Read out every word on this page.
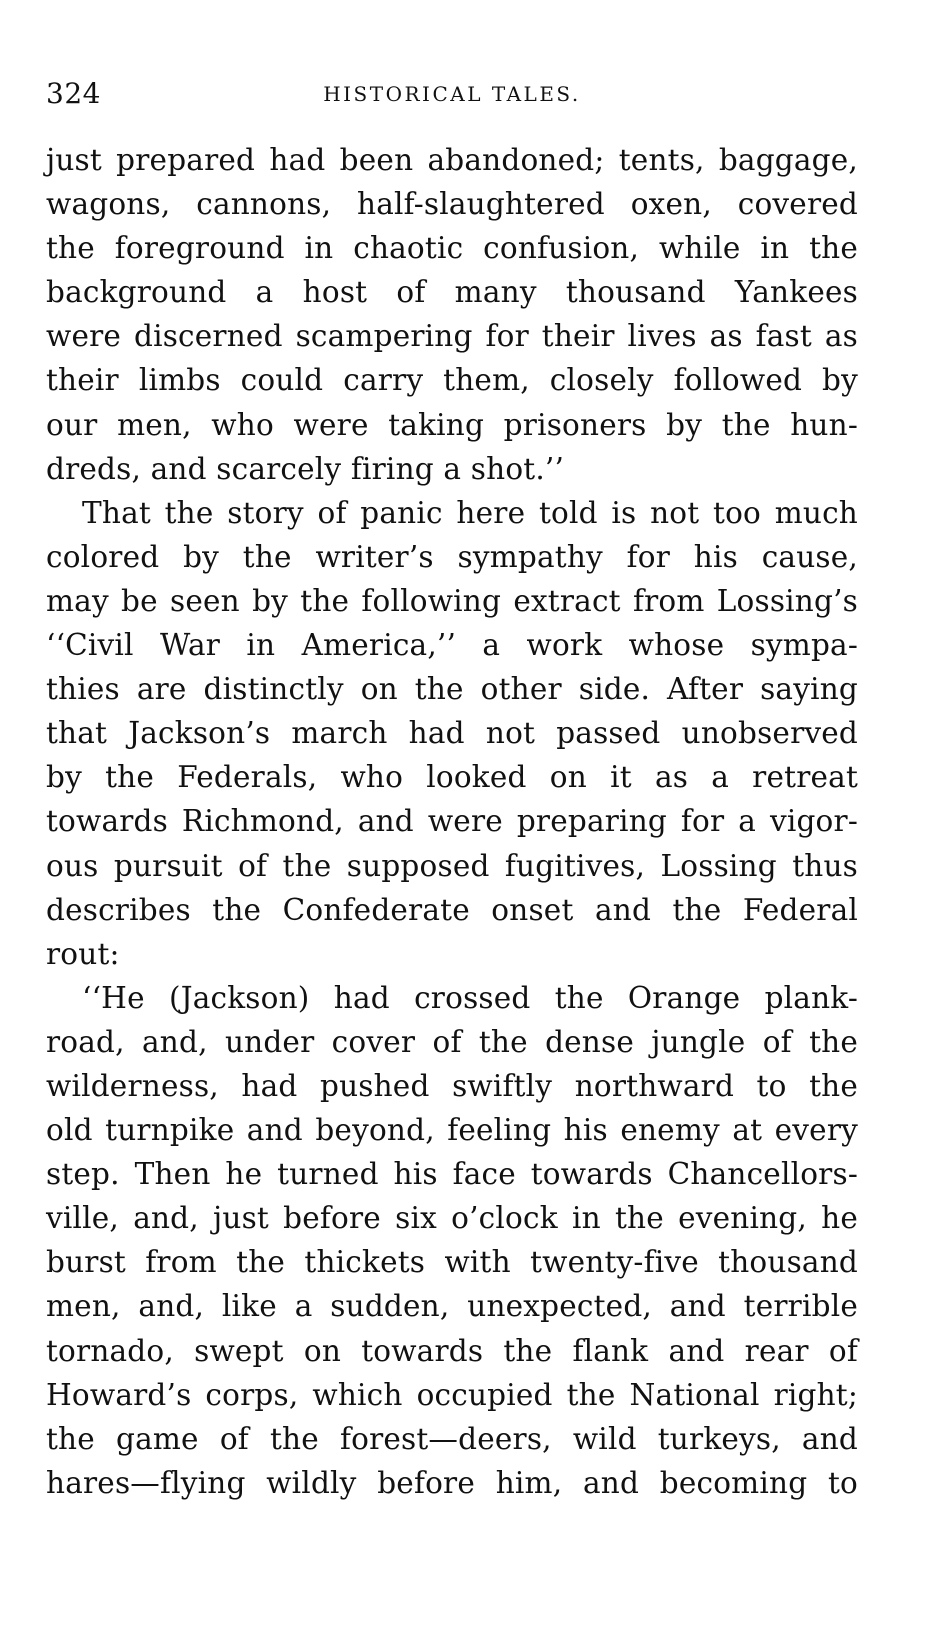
324	HISTORICAL TALES.
just prepared had been abandoned; tents, baggage,
wagons, cannons, half-slaughtered oxen, covered
the foreground in chaotic confusion, while in the
background a host of many thousand Yankees
were discerned scampering for their lives as fast as
their limbs could carry them, closely followed by
our men, who were taking prisoners by the hun-
dreds, and scarcely firing a shot.’’
That the story of panic here told is not too much
colored by the writer’s sympathy for his cause,
may be seen by the following extract from Lossing’s
‘‘Civil War in America,’’ a work whose sympa-
thies are distinctly on the other side. After saying
that Jackson’s march had not passed unobserved
by the Federals, who looked on it as a retreat
towards Richmond, and were preparing for a vigor-
ous pursuit of the supposed fugitives, Lossing thus
describes the Confederate onset and the Federal
rout:
‘‘He (Jackson) had crossed the Orange plank-
road, and, under cover of the dense jungle of the
wilderness, had pushed swiftly northward to the
old turnpike and beyond, feeling his enemy at every
step. Then he turned his face towards Chancellors-
ville, and, just before six o’clock in the evening, he
burst from the thickets with twenty-five thousand
men, and, like a sudden, unexpected, and terrible
tornado, swept on towards the flank and rear of
Howard’s corps, which occupied the National right;
the game of the forest—deers, wild turkeys, and
hares—flying wildly before him, and becoming to
